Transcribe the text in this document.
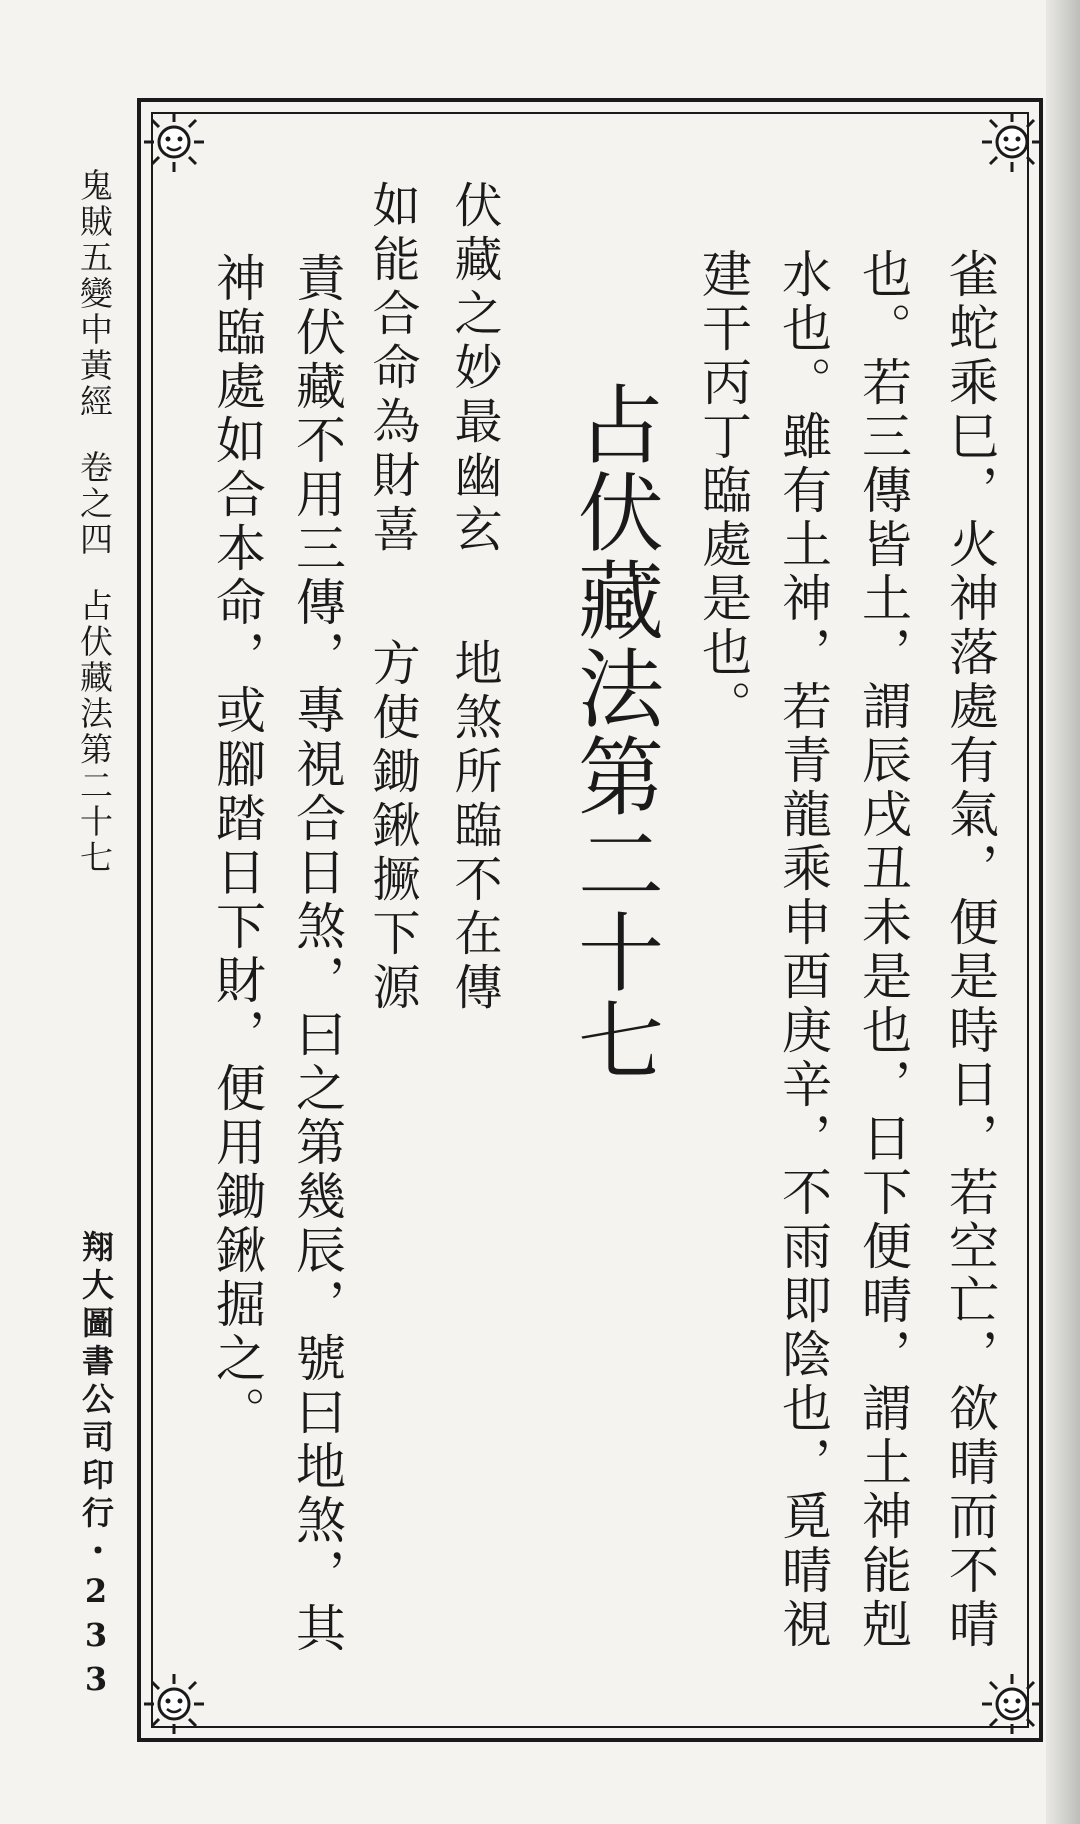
鬼賊五變中黃經卷之四占伏藏法第二十七
翔大圖書公司印行・233	雀蛇乘巳，火神落處有氣，便是時日，若空亡，欲晴而不晴
也。若三傳皆土，謂辰戌丑未是也，日下便晴，謂土神能剋
水也。雖有土神，若青龍乘申酉庚辛，不雨即陰也，覓晴視
建干丙丁臨處是也。
占伏藏法第二十七
伏藏之妙最幽玄地煞所臨不在傳
如能合命為財喜方使鋤鍬撅下源
責伏藏不用三傳，專視合日煞，曰之第幾辰，號曰地煞，其
神臨處如合本命，或腳踏日下財，便用鋤鍬掘之。
